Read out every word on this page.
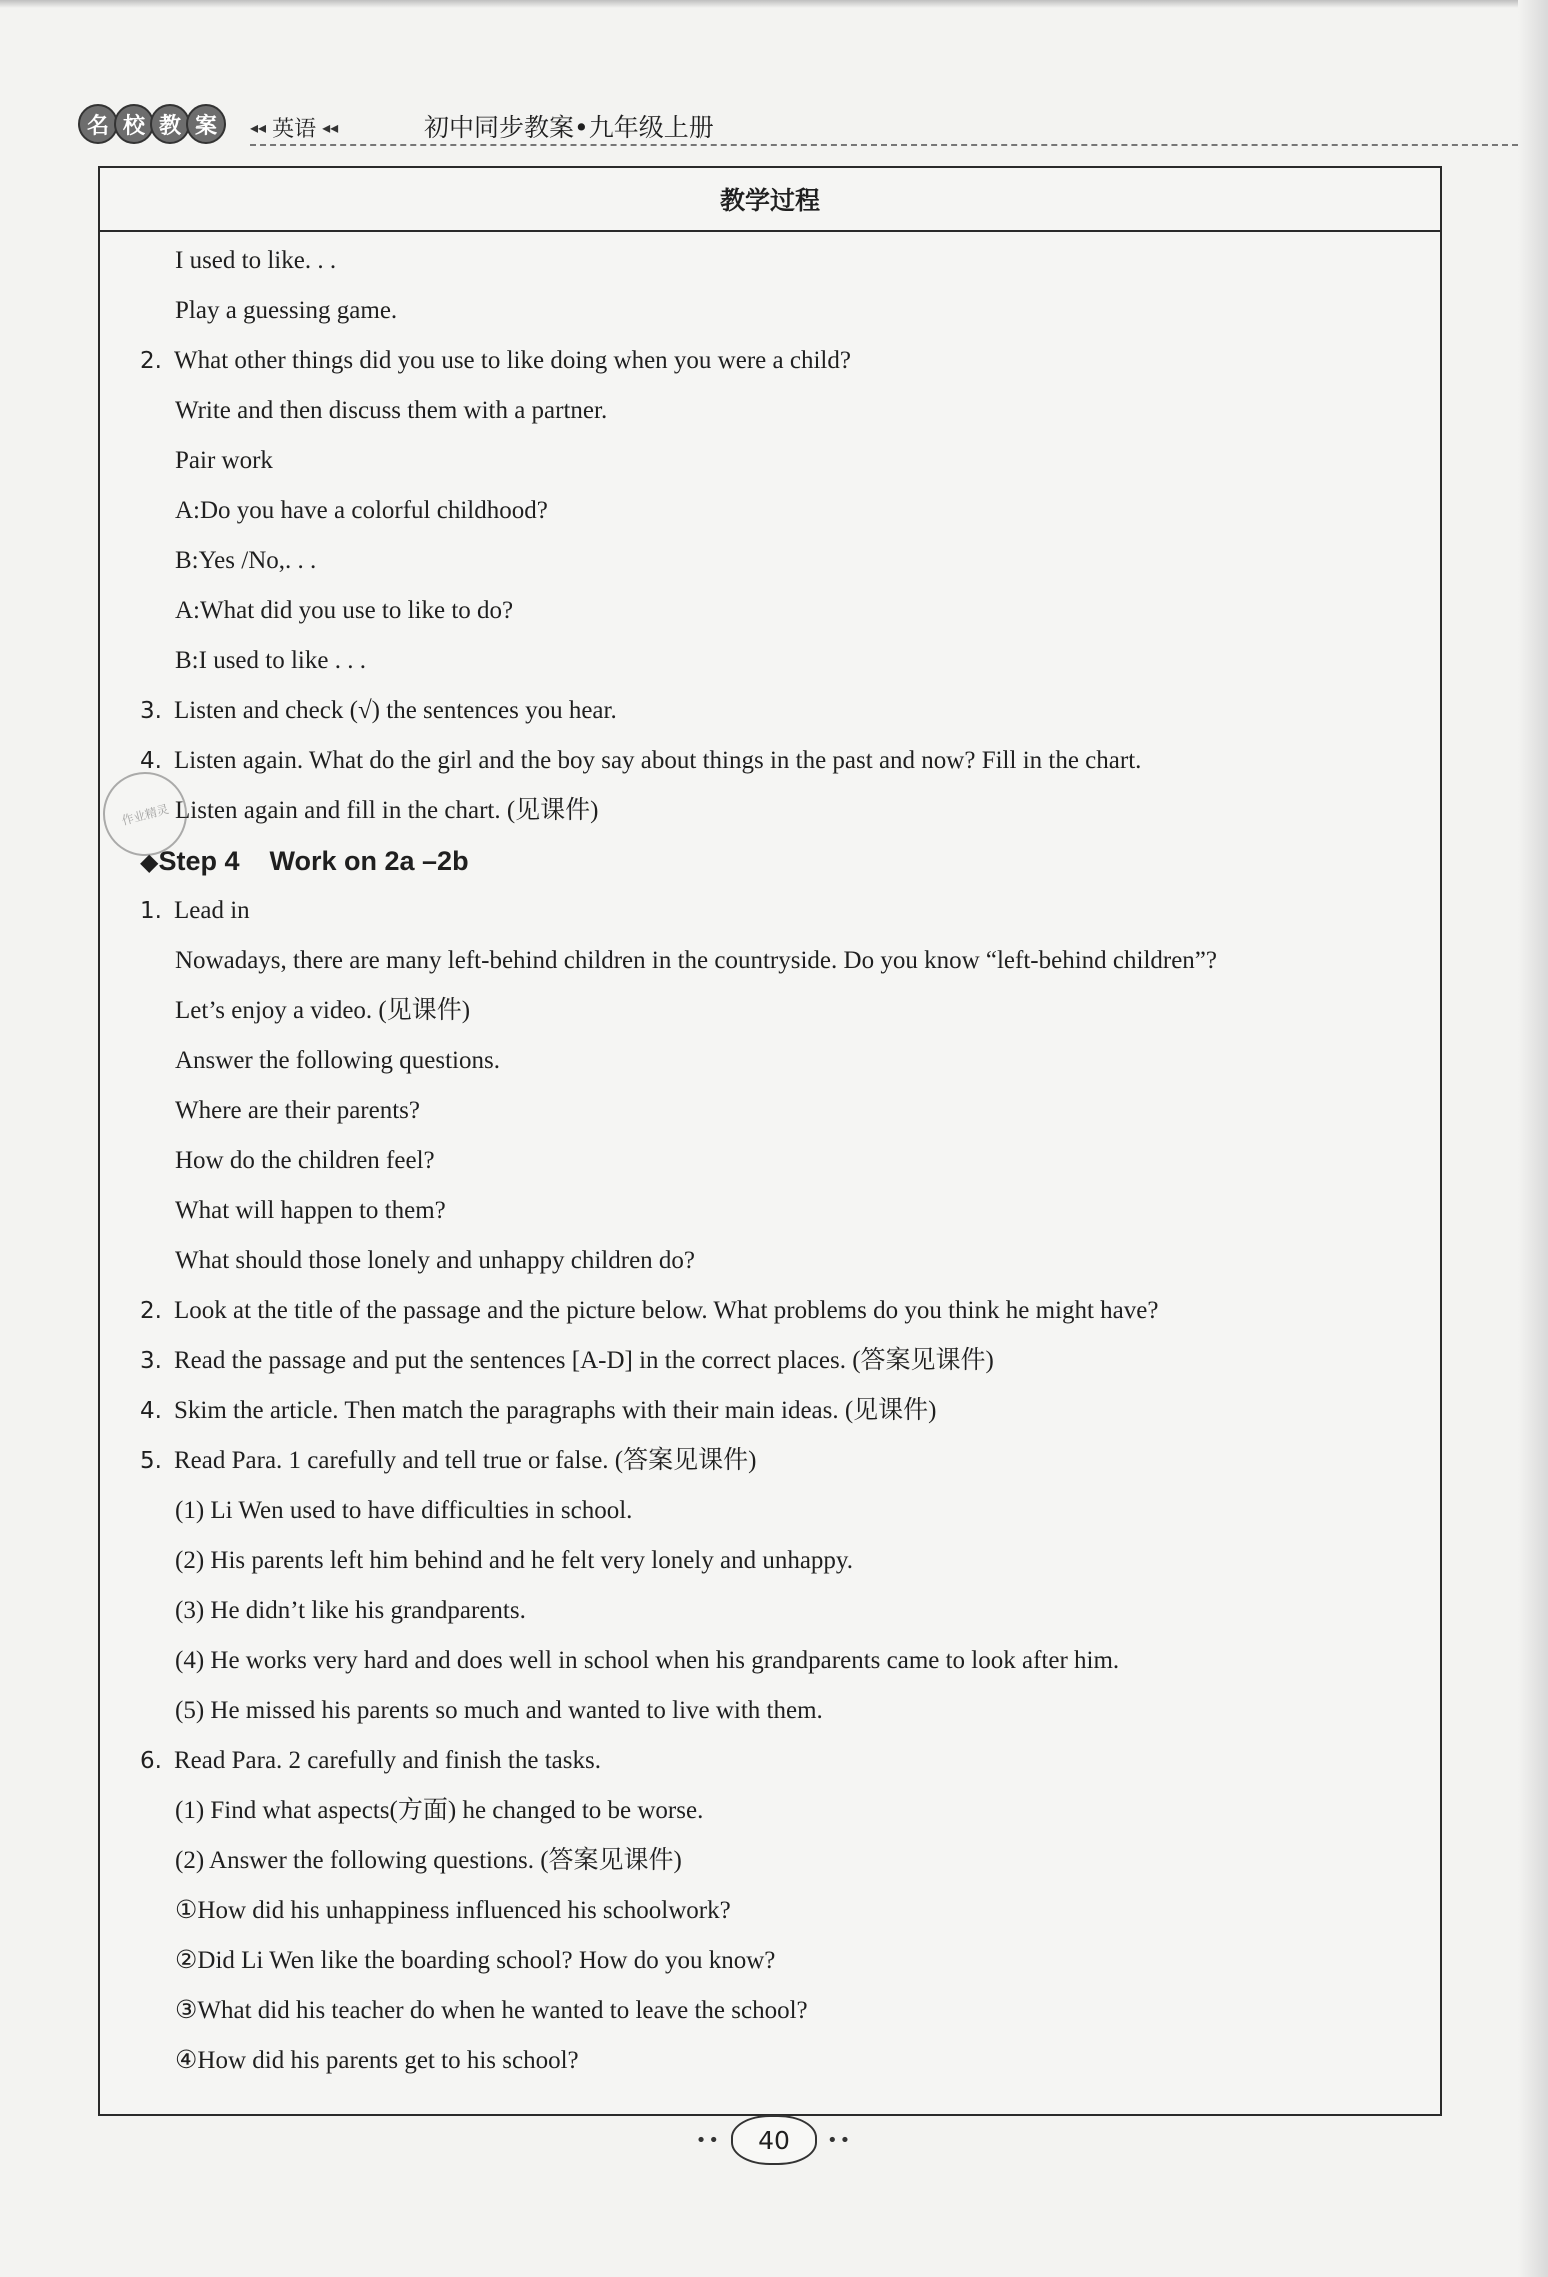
名 校 教 案	◂◂ 英语 ◂◂	初中同步教案•九年级上册
教学过程
I used to like. . .
Play a guessing game.
2. What other things did you use to like doing when you were a child?
Write and then discuss them with a partner.
Pair work
A:Do you have a colorful childhood?
B:Yes /No,. . .
A:What did you use to like to do?
B:I used to like . . .
3. Listen and check (√) the sentences you hear.
4. Listen again. What do the girl and the boy say about things in the past and now? Fill in the chart.
Listen again and fill in the chart. (见课件)
◆Step 4    Work on 2a –2b
1. Lead in
Nowadays, there are many left-behind children in the countryside. Do you know “left-behind children”?
Let’s enjoy a video. (见课件)
Answer the following questions.
Where are their parents?
How do the children feel?
What will happen to them?
What should those lonely and unhappy children do?
2. Look at the title of the passage and the picture below. What problems do you think he might have?
3. Read the passage and put the sentences [A-D] in the correct places. (答案见课件)
4. Skim the article. Then match the paragraphs with their main ideas. (见课件)
5. Read Para. 1 carefully and tell true or false. (答案见课件)
(1) Li Wen used to have difficulties in school.
(2) His parents left him behind and he felt very lonely and unhappy.
(3) He didn’t like his grandparents.
(4) He works very hard and does well in school when his grandparents came to look after him.
(5) He missed his parents so much and wanted to live with them.
6. Read Para. 2 carefully and finish the tasks.
(1) Find what aspects(方面) he changed to be worse.
(2) Answer the following questions. (答案见课件)
①How did his unhappiness influenced his schoolwork?
②Did Li Wen like the boarding school? How do you know?
③What did his teacher do when he wanted to leave the school?
④How did his parents get to his school?
作业精灵
••	40	••
